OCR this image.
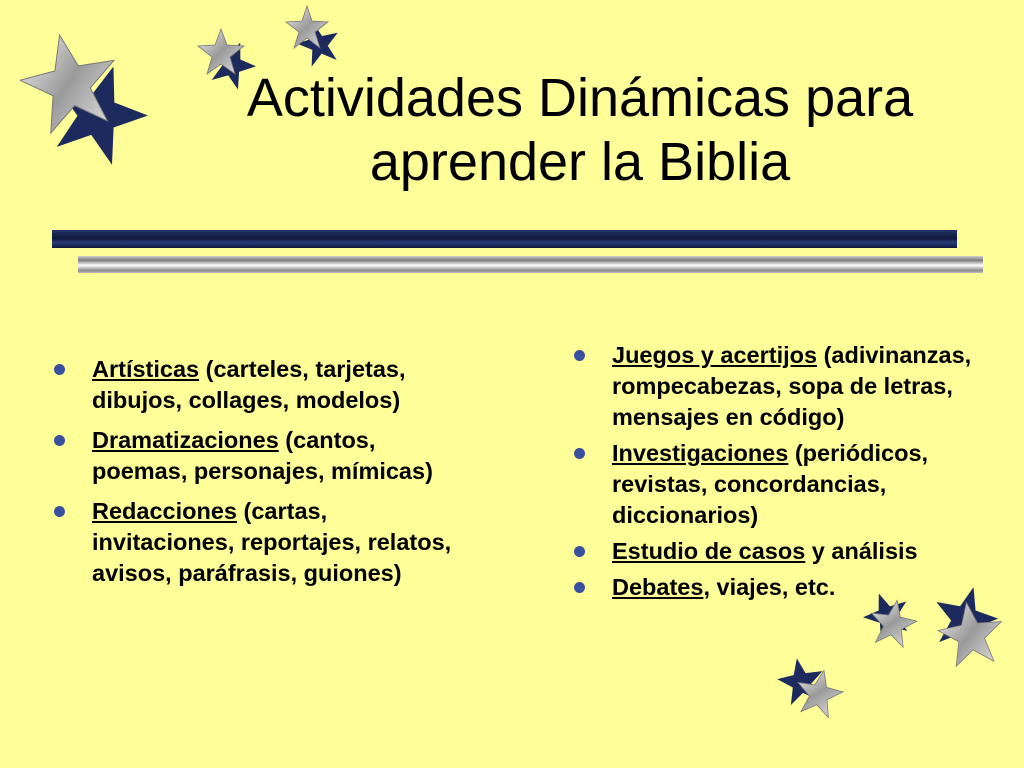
Actividades Dinámicas para
aprender la Biblia
Artísticas (carteles, tarjetas, dibujos, collages, modelos)
Dramatizaciones (cantos, poemas, personajes, mímicas)
Redacciones (cartas, invitaciones, reportajes, relatos, avisos, paráfrasis, guiones)
Juegos y acertijos (adivinanzas, rompecabezas, sopa de letras, mensajes en código)
Investigaciones (periódicos, revistas, concordancias, diccionarios)
Estudio de casos y análisis
Debates, viajes, etc.
